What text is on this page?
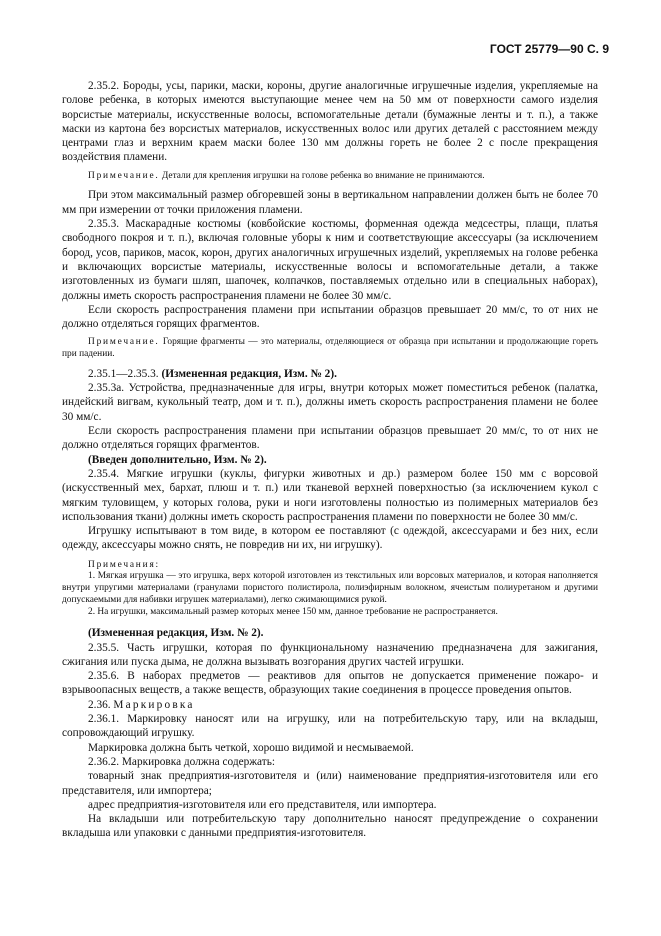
ГОСТ 25779—90 С. 9

2.35.2. Бороды, усы, парики, маски, короны, другие аналогичные игрушечные изделия, укрепляемые на голове ребенка, в которых имеются выступающие менее чем на 50 мм от поверхности самого изделия ворсистые материалы, искусственные волосы, вспомогательные детали (бумажные ленты и т. п.), а также маски из картона без ворсистых материалов, искусственных волос или других деталей с расстоянием между центрами глаз и верхним краем маски более 130 мм должны гореть не более 2 с после прекращения воздействия пламени.

Примечание. Детали для крепления игрушки на голове ребенка во внимание не принимаются.

При этом максимальный размер обгоревшей зоны в вертикальном направлении должен быть не более 70 мм при измерении от точки приложения пламени.

2.35.3. Маскарадные костюмы (ковбойские костюмы, форменная одежда медсестры, плащи, платья свободного покроя и т. п.), включая головные уборы к ним и соответствующие аксессуары (за исключением бород, усов, париков, масок, корон, других аналогичных игрушечных изделий, укрепляемых на голове ребенка и включающих ворсистые материалы, искусственные волосы и вспомогательные детали, а также изготовленных из бумаги шляп, шапочек, колпачков, поставляемых отдельно или в специальных наборах), должны иметь скорость распространения пламени не более 30 мм/с.

Если скорость распространения пламени при испытании образцов превышает 20 мм/с, то от них не должно отделяться горящих фрагментов.

Примечание. Горящие фрагменты — это материалы, отделяющиеся от образца при испытании и продолжающие гореть при падении.

2.35.1—2.35.3. (Измененная редакция, Изм. № 2).

2.35.3а. Устройства, предназначенные для игры, внутри которых может поместиться ребенок (палатка, индейский вигвам, кукольный театр, дом и т. п.), должны иметь скорость распространения пламени не более 30 мм/с.

Если скорость распространения пламени при испытании образцов превышает 20 мм/с, то от них не должно отделяться горящих фрагментов.

(Введен дополнительно, Изм. № 2).

2.35.4. Мягкие игрушки (куклы, фигурки животных и др.) размером более 150 мм с ворсовой (искусственный мех, бархат, плюш и т. п.) или тканевой верхней поверхностью (за исключением кукол с мягким туловищем, у которых голова, руки и ноги изготовлены полностью из полимерных материалов без использования ткани) должны иметь скорость распространения пламени по поверхности не более 30 мм/с.

Игрушку испытывают в том виде, в котором ее поставляют (с одеждой, аксессуарами и без них, если одежду, аксессуары можно снять, не повредив ни их, ни игрушку).

Примечания:

1. Мягкая игрушка — это игрушка, верх которой изготовлен из текстильных или ворсовых материалов, и которая наполняется внутри упругими материалами (гранулами пористого полистирола, полиэфирным волокном, ячеистым полиуретаном и другими допускаемыми для набивки игрушек материалами), легко сжимающимися рукой.

2. На игрушки, максимальный размер которых менее 150 мм, данное требование не распространяется.

(Измененная редакция, Изм. № 2).

2.35.5. Часть игрушки, которая по функциональному назначению предназначена для зажигания, сжигания или пуска дыма, не должна вызывать возгорания других частей игрушки.

2.35.6. В наборах предметов — реактивов для опытов не допускается применение пожаро- и взрывоопасных веществ, а также веществ, образующих такие соединения в процессе проведения опытов.

2.36. Маркировка

2.36.1. Маркировку наносят или на игрушку, или на потребительскую тару, или на вкладыш, сопровождающий игрушку.

Маркировка должна быть четкой, хорошо видимой и несмываемой.

2.36.2. Маркировка должна содержать:

товарный знак предприятия-изготовителя и (или) наименование предприятия-изготовителя или его представителя, или импортера;

адрес предприятия-изготовителя или его представителя, или импортера.

На вкладыши или потребительскую тару дополнительно наносят предупреждение о сохранении вкладыша или упаковки с данными предприятия-изготовителя.
